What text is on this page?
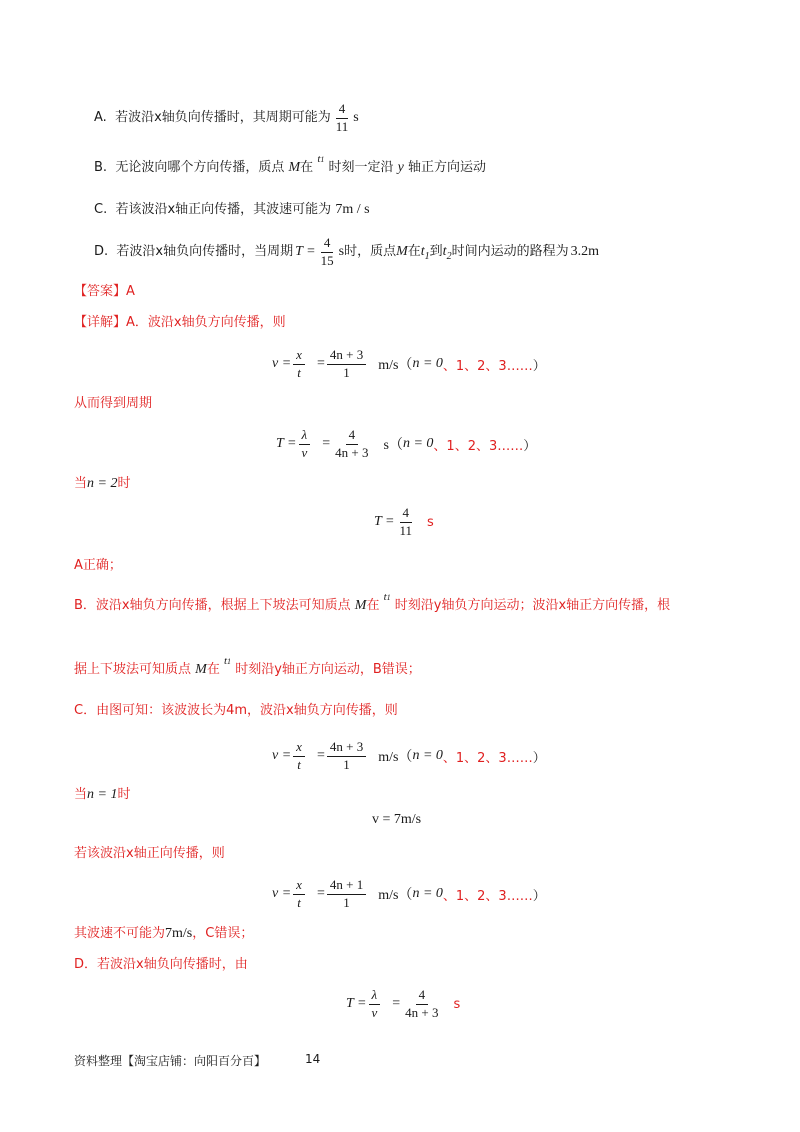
A.
若波沿x轴负向传播时，其周期可能为 $\frac{4}{11}$ s
B. 无论波向哪个方向传播，质点 M在 $^{t1}$ 时刻一定沿 y 轴正方向运动
C. 若该波沿x轴正向传播，其波速可能为 7m / s
D.
若波沿x轴负向传播时，当周期 $T = \frac{4}{15}$ s 时，质点 M 在 $t_1$ 到 $t_2$ 时间内运动的路程为 3.2m
【答案】A
【详解】A．波沿x轴负方向传播，则
$v = \frac{x}{t} = \frac{4n + 3}{1} m/s$（ n = 0 、1、2、3…… ）
从而得到周期
$T = \frac{\lambda}{v} = \frac{4}{4n + 3} s$（ n = 0 、1、2、3…… ）
当n = 2时
$T = \frac{4}{11}$ s
A正确；
B．波沿x轴负方向传播，根据上下坡法可知质点 M在 $^{t1}$ 时刻沿y轴负方向运动；波沿x轴正方向传播，根
据上下坡法可知质点 M在 $^{t1}$ 时刻沿y轴正方向运动，B错误；
C．由图可知：该波波长为4m，波沿x轴负方向传播，则
$v = \frac{x}{t} = \frac{4n + 3}{1} m/s$（ n = 0 、1、2、3…… ）
当n = 1时
v = 7m/s
若该波沿x轴正向传播，则
$v = \frac{x}{t} = \frac{4n + 1}{1} m/s$（ n = 0 、1、2、3…… ）
其波速不可能为7m/s，C错误；
D．若波沿x轴负向传播时，由
$T = \frac{\lambda}{v} = \frac{4}{4n + 3}$ s
资料整理【淘宝店铺：向阳百分百】	14
